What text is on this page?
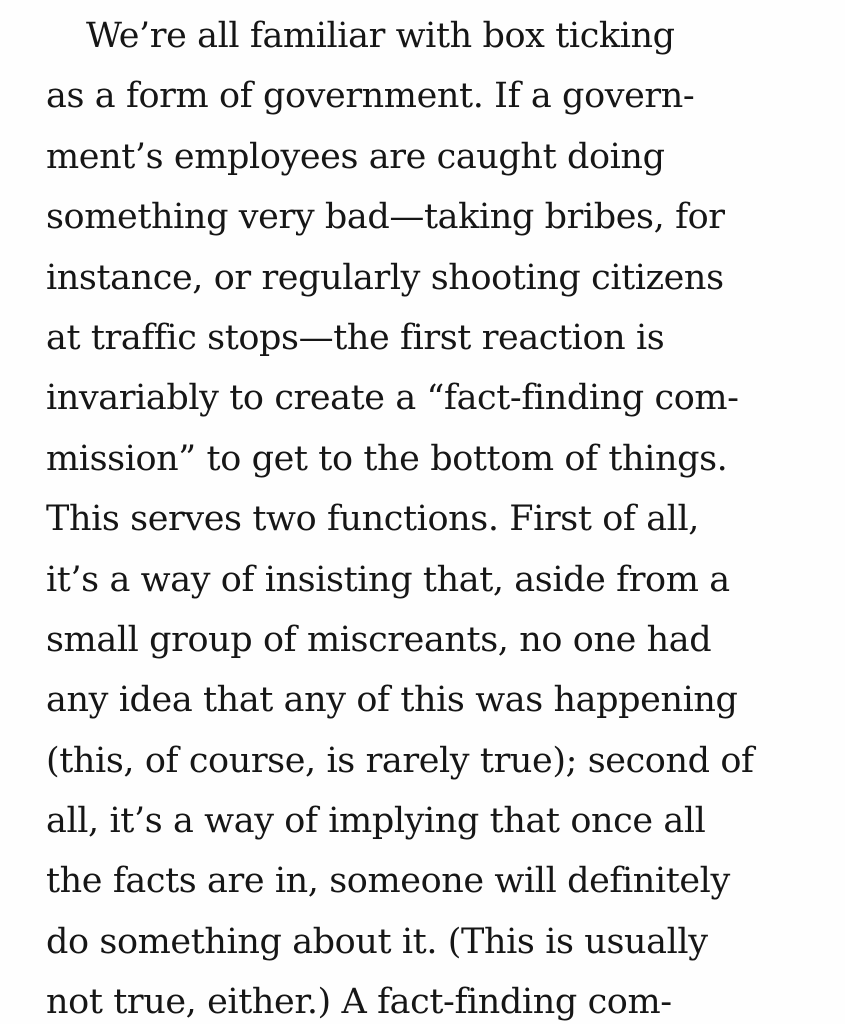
We’re all familiar with box ticking
as a form of government. If a govern-
ment’s employees are caught doing
something very bad—taking bribes, for
instance, or regularly shooting citizens
at traffic stops—the first reaction is
invariably to create a “fact-finding com-
mission” to get to the bottom of things.
This serves two functions. First of all,
it’s a way of insisting that, aside from a
small group of miscreants, no one had
any idea that any of this was happening
(this, of course, is rarely true); second of
all, it’s a way of implying that once all
the facts are in, someone will definitely
do something about it. (This is usually
not true, either.) A fact-finding com-
